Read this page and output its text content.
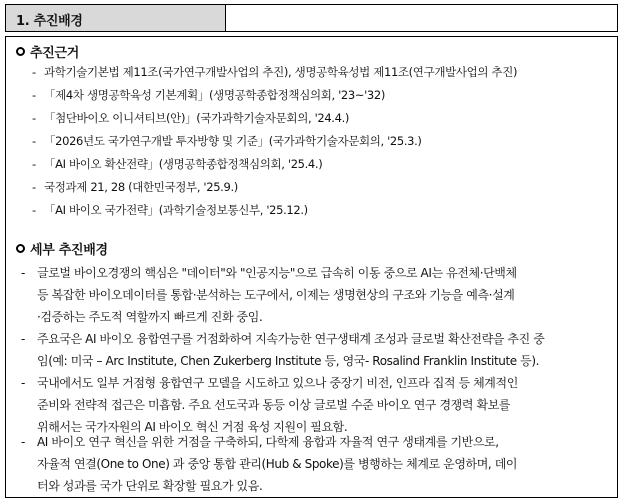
1. 추진배경
추진근거
- 과학기술기본법 제11조(국가연구개발사업의 추진), 생명공학육성법 제11조(연구개발사업의 추진)
- 「제4차 생명공학육성 기본계획」(생명공학종합정책심의회, '23~'32)
- 「첨단바이오 이니셔티브(안)」(국가과학기술자문회의, '24.4.)
- 「2026년도 국가연구개발 투자방향 및 기준」(국가과학기술자문회의, '25.3.)
- 「AI 바이오 확산전략」(생명공학종합정책심의회, '25.4.)
- 국정과제 21, 28 (대한민국정부, '25.9.)
- 「AI 바이오 국가전략」(과학기술정보통신부, '25.12.)
세부 추진배경
- 글로벌 바이오경쟁의 핵심은 "데이터"와 "인공지능"으로 급속히 이동 중으로 AI는 유전체·단백체
등 복잡한 바이오데이터를 통합·분석하는 도구에서, 이제는 생명현상의 구조와 기능을 예측·설계
·검증하는 주도적 역할까지 빠르게 진화 중임.
- 주요국은 AI 바이오 융합연구를 거점화하여 지속가능한 연구생태계 조성과 글로벌 확산전략을 추진 중
임(예: 미국 – Arc Institute, Chen Zukerberg Institute 등, 영국- Rosalind Franklin Institute 등).
- 국내에서도 일부 거점형 융합연구 모델을 시도하고 있으나 중장기 비전, 인프라 집적 등 체계적인
준비와 전략적 접근은 미흡함. 주요 선도국과 동등 이상 글로벌 수준 바이오 연구 경쟁력 확보를
위해서는 국가자원의 AI 바이오 혁신 거점 육성 지원이 필요함.
- AI 바이오 연구 혁신을 위한 거점을 구축하되, 다학제 융합과 자율적 연구 생태계를 기반으로,
자율적 연결(One to One) 과 중앙 통합 관리(Hub & Spoke)를 병행하는 체계로 운영하며, 데이
터와 성과를 국가 단위로 확장할 필요가 있음.
